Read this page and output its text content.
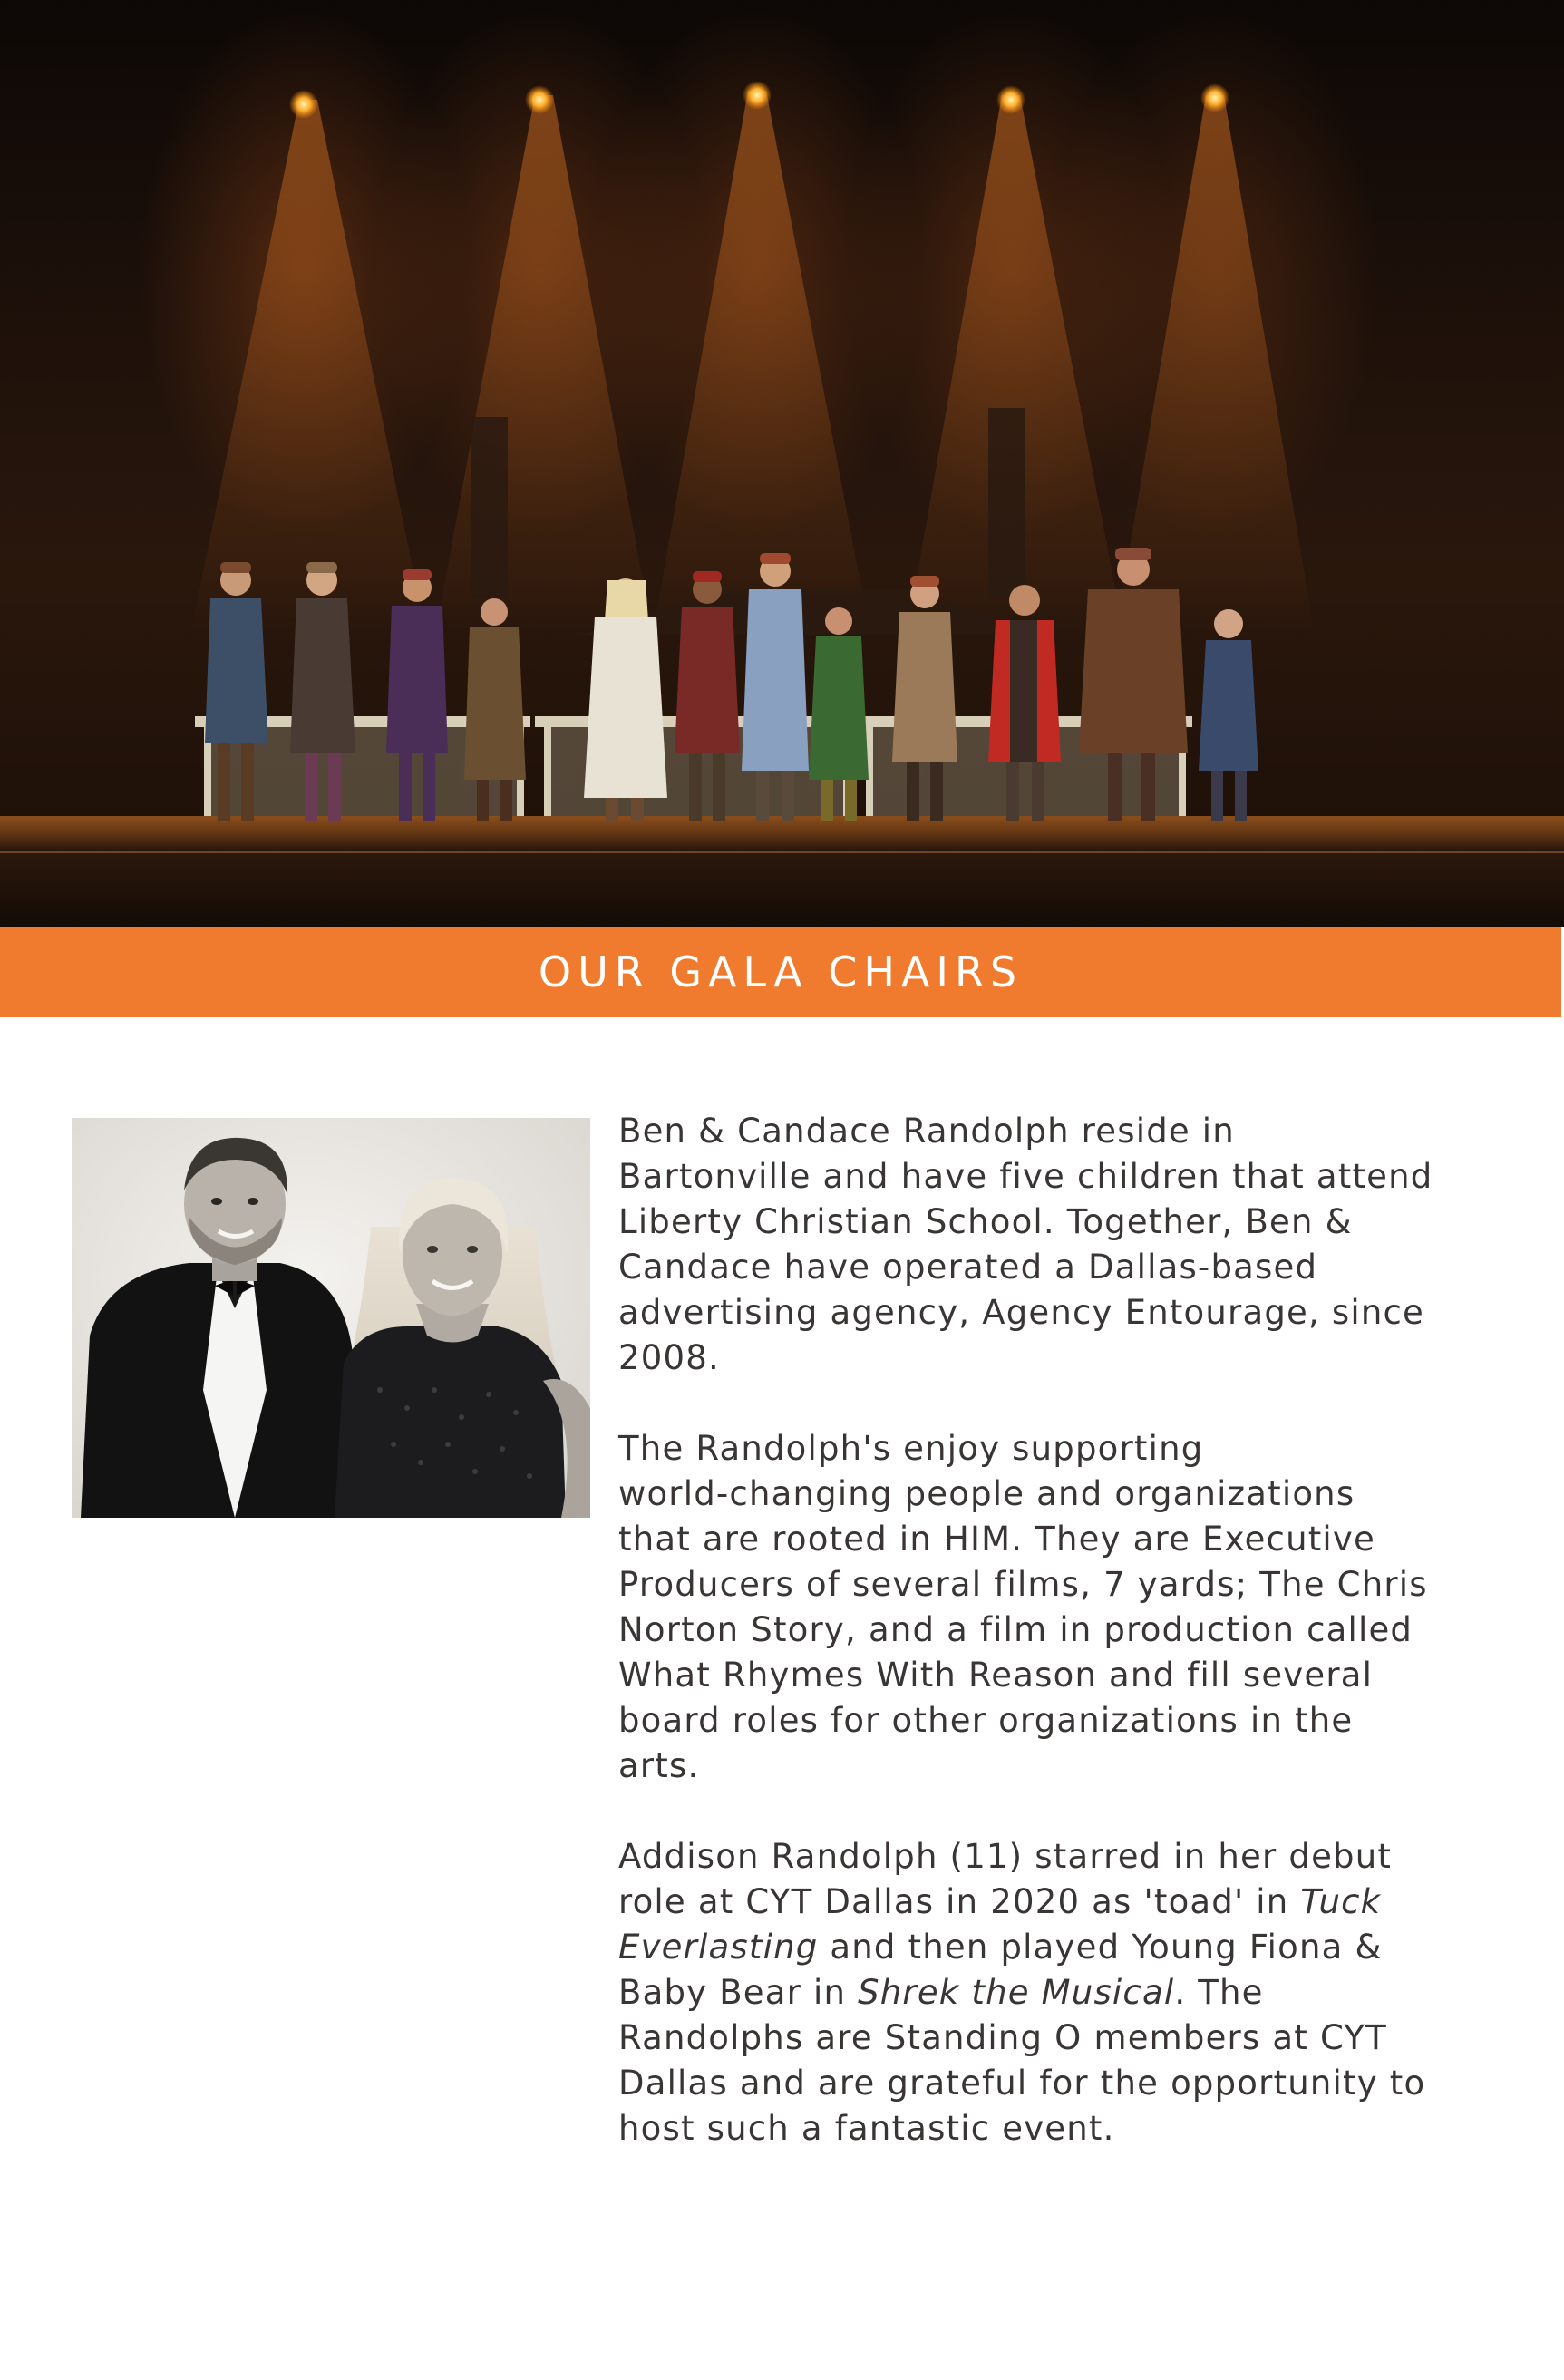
OUR GALA CHAIRS

Ben & Candace Randolph reside in
Bartonville and have five children that attend
Liberty Christian School. Together, Ben &
Candace have operated a Dallas-based
advertising agency, Agency Entourage, since
2008.

The Randolph's enjoy supporting
world-changing people and organizations
that are rooted in HIM. They are Executive
Producers of several films, 7 yards; The Chris
Norton Story, and a film in production called
What Rhymes With Reason and fill several
board roles for other organizations in the
arts.

Addison Randolph (11) starred in her debut
role at CYT Dallas in 2020 as 'toad' in Tuck
Everlasting and then played Young Fiona &
Baby Bear in Shrek the Musical. The
Randolphs are Standing O members at CYT
Dallas and are grateful for the opportunity to
host such a fantastic event.
